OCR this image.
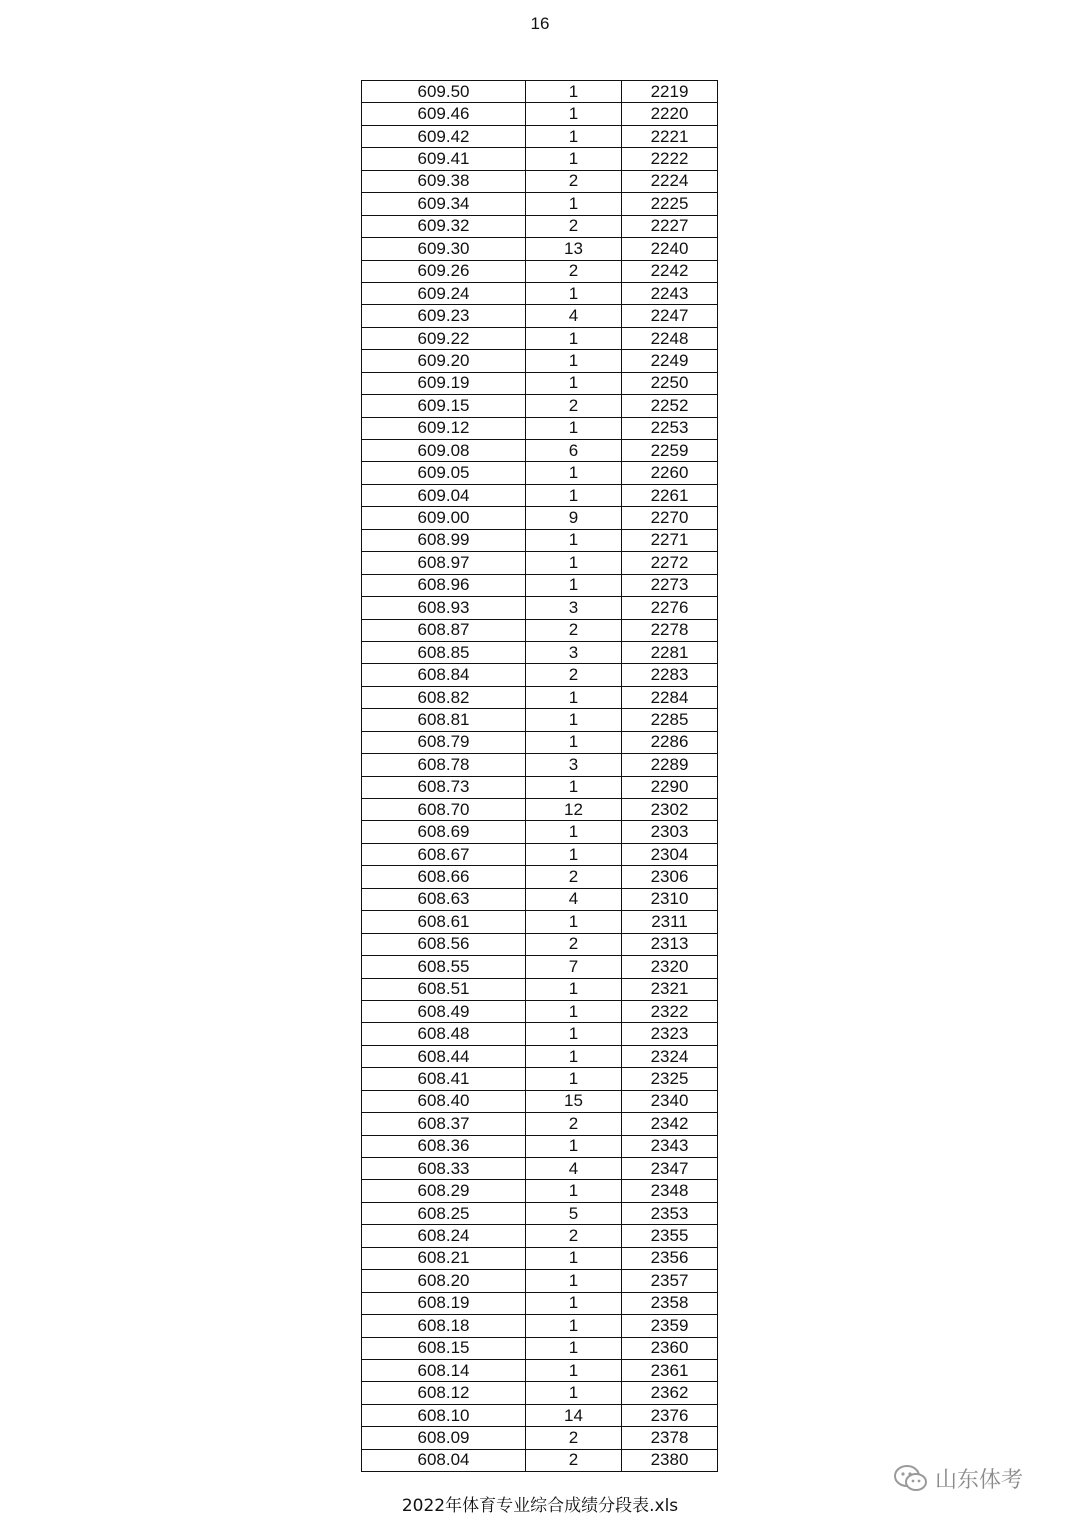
16
609.50	1	2219
609.46	1	2220
609.42	1	2221
609.41	1	2222
609.38	2	2224
609.34	1	2225
609.32	2	2227
609.30	13	2240
609.26	2	2242
609.24	1	2243
609.23	4	2247
609.22	1	2248
609.20	1	2249
609.19	1	2250
609.15	2	2252
609.12	1	2253
609.08	6	2259
609.05	1	2260
609.04	1	2261
609.00	9	2270
608.99	1	2271
608.97	1	2272
608.96	1	2273
608.93	3	2276
608.87	2	2278
608.85	3	2281
608.84	2	2283
608.82	1	2284
608.81	1	2285
608.79	1	2286
608.78	3	2289
608.73	1	2290
608.70	12	2302
608.69	1	2303
608.67	1	2304
608.66	2	2306
608.63	4	2310
608.61	1	2311
608.56	2	2313
608.55	7	2320
608.51	1	2321
608.49	1	2322
608.48	1	2323
608.44	1	2324
608.41	1	2325
608.40	15	2340
608.37	2	2342
608.36	1	2343
608.33	4	2347
608.29	1	2348
608.25	5	2353
608.24	2	2355
608.21	1	2356
608.20	1	2357
608.19	1	2358
608.18	1	2359
608.15	1	2360
608.14	1	2361
608.12	1	2362
608.10	14	2376
608.09	2	2378
608.04	2	2380
山东体考
2022年体育专业综合成绩分段表.xls
